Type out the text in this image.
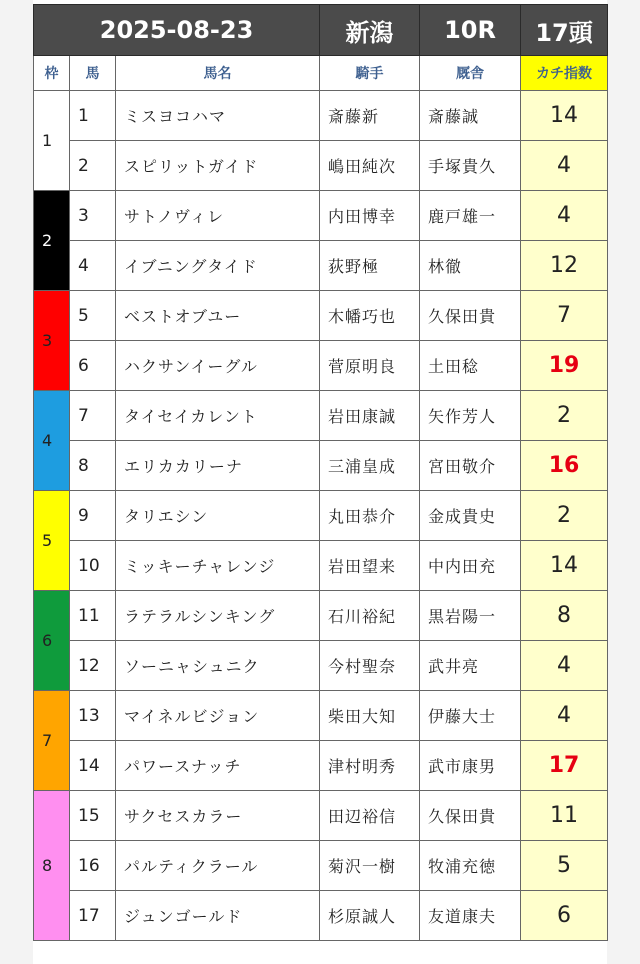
2025-08-23			新潟	10R	17頭
枠	馬	馬名	騎手	厩舎	カチ指数
1	1	ミスヨコハマ	斎藤新	斎藤誠	14
	2	スピリットガイド	嶋田純次	手塚貴久	4
2	3	サトノヴィレ	内田博幸	鹿戸雄一	4
	4	イブニングタイド	荻野極	林徹	12
3	5	ベストオブユー	木幡巧也	久保田貴	7
	6	ハクサンイーグル	菅原明良	土田稔	19
4	7	タイセイカレント	岩田康誠	矢作芳人	2
	8	エリカカリーナ	三浦皇成	宮田敬介	16
5	9	タリエシン	丸田恭介	金成貴史	2
	10	ミッキーチャレンジ	岩田望来	中内田充	14
6	11	ラテラルシンキング	石川裕紀	黒岩陽一	8
	12	ソーニャシュニク	今村聖奈	武井亮	4
7	13	マイネルビジョン	柴田大知	伊藤大士	4
	14	パワースナッチ	津村明秀	武市康男	17
8	15	サクセスカラー	田辺裕信	久保田貴	11
	16	パルティクラール	菊沢一樹	牧浦充徳	5
	17	ジュンゴールド	杉原誠人	友道康夫	6
